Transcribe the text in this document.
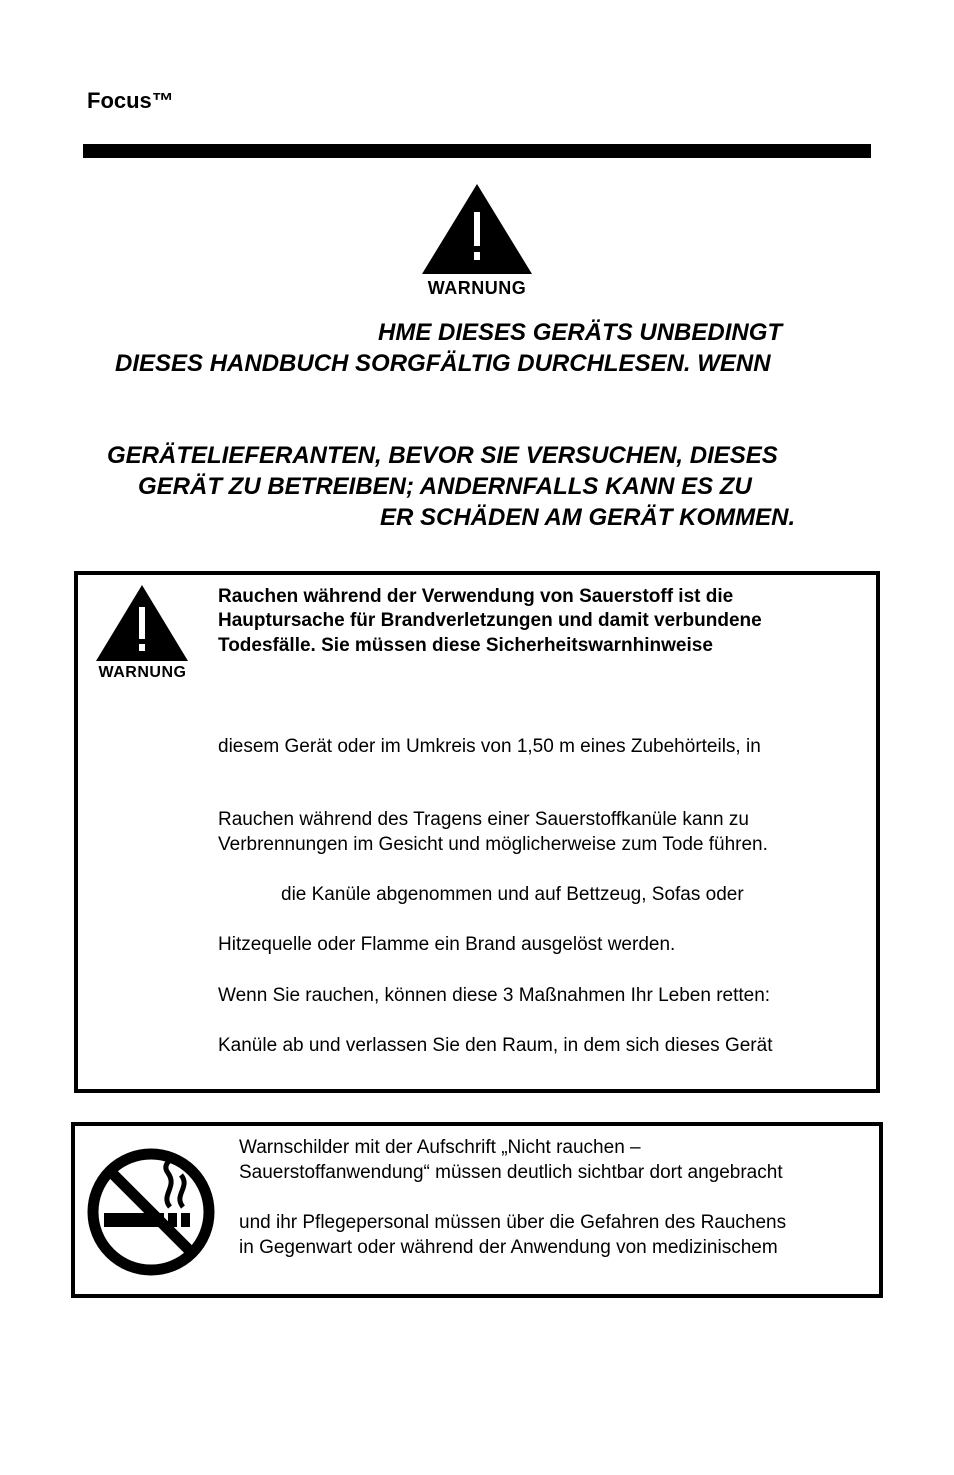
Focus™
WARNUNG
HME DIESES GERÄTS UNBEDINGT
DIESES HANDBUCH SORGFÄLTIG DURCHLESEN. WENN
GERÄTELIEFERANTEN, BEVOR SIE VERSUCHEN, DIESES
GERÄT ZU BETREIBEN; ANDERNFALLS KANN ES ZU
ER SCHÄDEN AM GERÄT KOMMEN.
WARNUNG
Rauchen während der Verwendung von Sauerstoff ist die
Hauptursache für Brandverletzungen und damit verbundene
Todesfälle. Sie müssen diese Sicherheitswarnhinweise
diesem Gerät oder im Umkreis von 1,50 m eines Zubehörteils, in
Rauchen während des Tragens einer Sauerstoffkanüle kann zu
Verbrennungen im Gesicht und möglicherweise zum Tode führen.
die Kanüle abgenommen und auf Bettzeug, Sofas oder
Hitzequelle oder Flamme ein Brand ausgelöst werden.
Wenn Sie rauchen, können diese 3 Maßnahmen Ihr Leben retten:
Kanüle ab und verlassen Sie den Raum, in dem sich dieses Gerät
Warnschilder mit der Aufschrift „Nicht rauchen –
Sauerstoffanwendung“ müssen deutlich sichtbar dort angebracht
und ihr Pflegepersonal müssen über die Gefahren des Rauchens
in Gegenwart oder während der Anwendung von medizinischem
